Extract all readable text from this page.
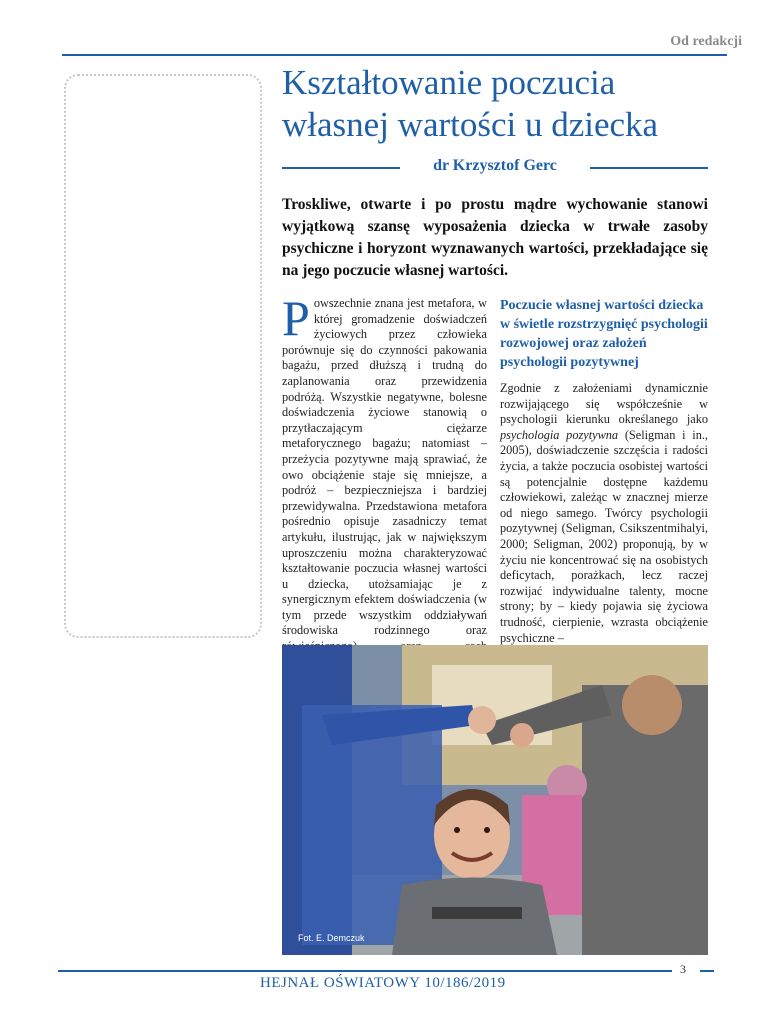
Od redakcji
Kształtowanie poczucia własnej wartości u dziecka
dr Krzysztof Gerc

Troskliwe, otwarte i po prostu mądre wychowanie stanowi wyjątkową szansę wyposażenia dziecka w trwałe zasoby psychiczne i horyzont wyznawanych wartości, przekładające się na jego poczucie własnej wartości.

Powszechnie znana jest metafora, w której gromadzenie doświadczeń życiowych przez człowieka porównuje się do czynności pakowania bagażu, przed dłuższą i trudną do zaplanowania oraz przewidzenia podróżą. Wszystkie negatywne, bolesne doświadczenia życiowe stanowią o przytłaczającym ciężarze metaforycznego bagażu; natomiast – przeżycia pozytywne mają sprawiać, że owo obciążenie staje się mniejsze, a podróż – bezpieczniejsza i bardziej przewidywalna. Przedstawiona metafora pośrednio opisuje zasadniczy temat artykułu, ilustrując, jak w największym uproszczeniu można charakteryzować kształtowanie poczucia własnej wartości u dziecka, utożsamiając je z synergicznym efektem doświadczenia (w tym przede wszystkim oddziaływań środowiska rodzinnego oraz

Poczucie własnej wartości dziecka w świetle rozstrzygnięć psychologii rozwojowej oraz założeń psychologii pozytywnej

Zgodnie z założeniami dynamicznie rozwijającego się współcześnie w psychologii kierunku określanego jako psychologia pozytywna (Seligman i in., 2005), doświadczenie szczęścia i radości życia, a także poczucia osobistej wartości są potencjalnie dostępne każdemu człowiekowi, zależąc w znacznej mierze od niego samego. Twórcy psychologii pozytywnej (Seligman, Csikszentmihalyi, 2000; Seligman, 2002) proponują, by w życiu nie koncentrować się na osobistych deficytach, porażkach, lecz raczej rozwijać indywidualne talenty, mocne strony; by – kiedy pojawia się życiowa trudność, cierpienie, wzrasta obciążenie psychiczne –

Fot. E. Demczuk
3
HEJNAŁ OŚWIATOWY 10/186/2019
